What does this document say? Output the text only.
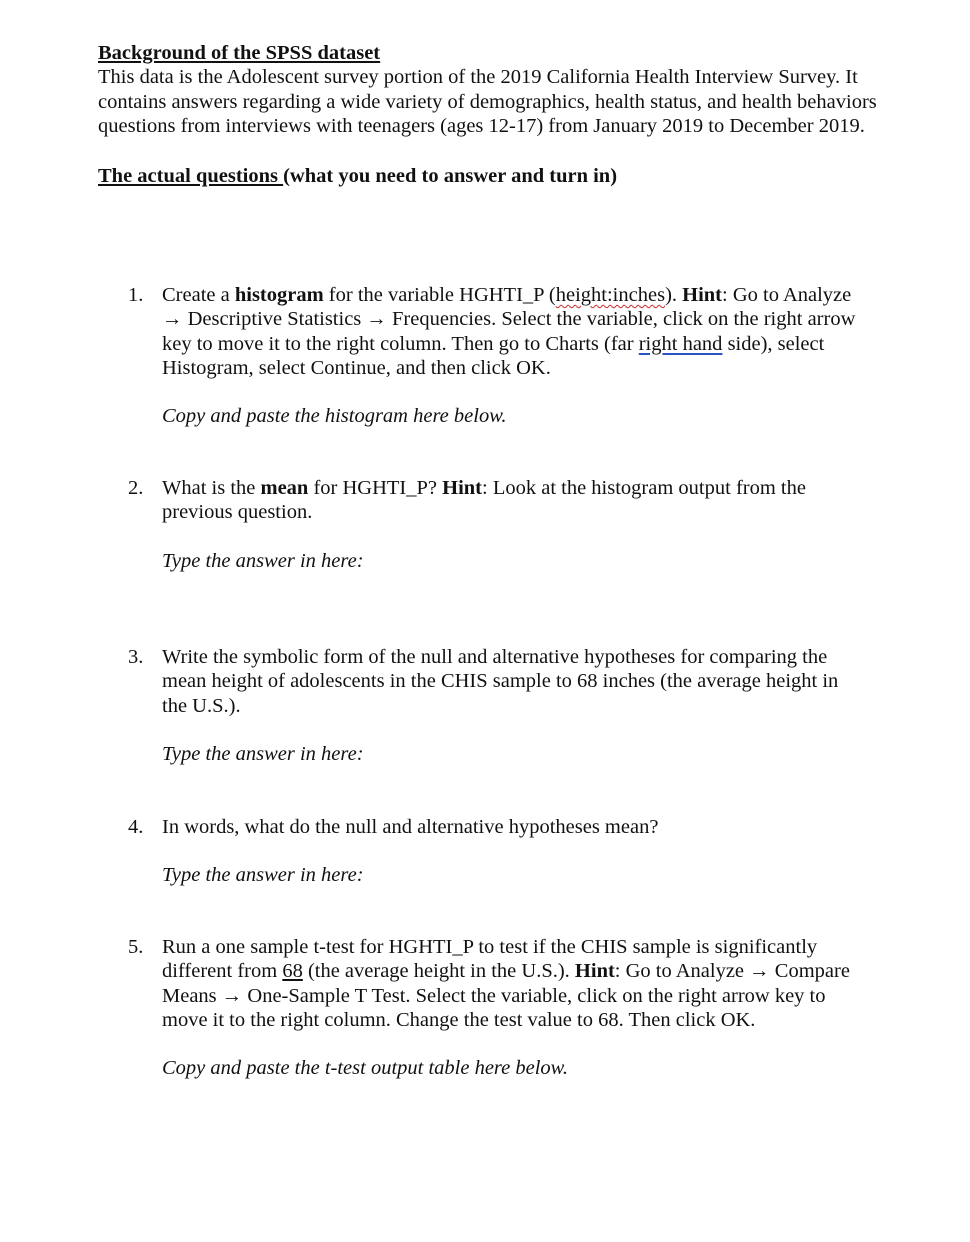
Background of the SPSS dataset

This data is the Adolescent survey portion of the 2019 California Health Interview Survey. It contains answers regarding a wide variety of demographics, health status, and health behaviors questions from interviews with teenagers (ages 12-17) from January 2019 to December 2019.

The actual questions (what you need to answer and turn in)
1. Create a histogram for the variable HGHTI_P (height:inches). Hint: Go to Analyze → Descriptive Statistics → Frequencies. Select the variable, click on the right arrow key to move it to the right column. Then go to Charts (far right hand side), select Histogram, select Continue, and then click OK.
Copy and paste the histogram here below.
2. What is the mean for HGHTI_P? Hint: Look at the histogram output from the previous question.
Type the answer in here:
3. Write the symbolic form of the null and alternative hypotheses for comparing the mean height of adolescents in the CHIS sample to 68 inches (the average height in the U.S.).
Type the answer in here:
4. In words, what do the null and alternative hypotheses mean?
Type the answer in here:
5. Run a one sample t-test for HGHTI_P to test if the CHIS sample is significantly different from 68 (the average height in the U.S.). Hint: Go to Analyze → Compare Means → One-Sample T Test. Select the variable, click on the right arrow key to move it to the right column. Change the test value to 68. Then click OK.
Copy and paste the t-test output table here below.
